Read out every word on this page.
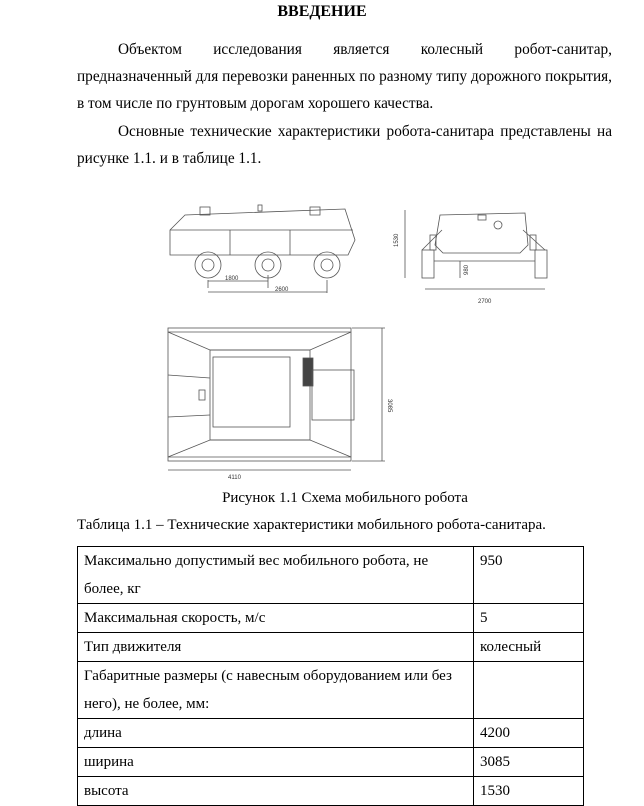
ВВЕДЕНИЕ

Объектом исследования является колесный робот-санитар, предназначенный для перевозки раненных по разному типу дорожного покрытия, в том числе по грунтовым дорогам хорошего качества.

Основные технические характеристики робота-санитара представлены на рисунке 1.1. и в таблице 1.1.

1800
2600
1530
980
2700
3085
4110
Рисунок 1.1 Схема мобильного робота
Таблица 1.1 – Технические характеристики мобильного робота-санитара.
Максимально допустимый вес мобильного робота, не более, кг	950
Максимальная скорость, м/с	5
Тип движителя	колесный
Габаритные размеры (с навесным оборудованием или без него), не более, мм:	
длина	4200
ширина	3085
высота	1530
